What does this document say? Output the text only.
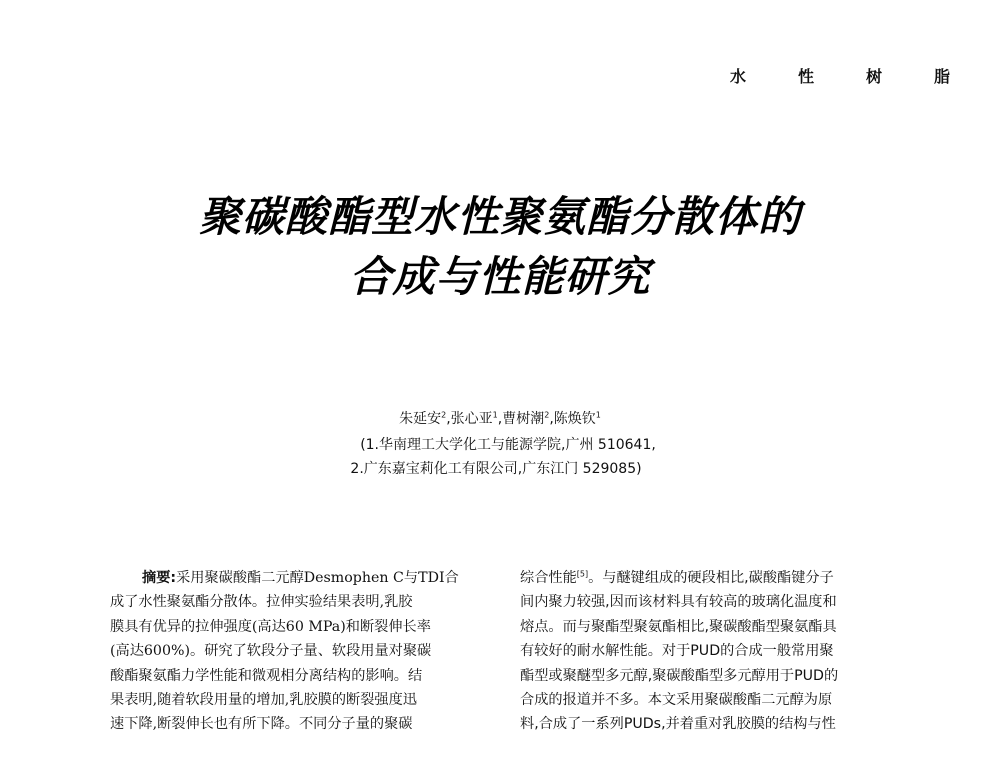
水	性	树	脂
聚碳酸酯型水性聚氨酯分散体的
合成与性能研究
朱延安$^2$,张心亚$^1$,曹树潮$^2$,陈焕钦$^1$
(1.华南理工大学化工与能源学院,广州 510641,
2.广东嘉宝莉化工有限公司,广东江门 529085)
摘要:采用聚碳酸酯二元醇Desmophen C与TDI合
成了水性聚氨酯分散体。拉伸实验结果表明,乳胶
膜具有优异的拉伸强度(高达60 MPa)和断裂伸长率
(高达600%)。研究了软段分子量、软段用量对聚碳
酸酯聚氨酯力学性能和微观相分离结构的影响。结
果表明,随着软段用量的增加,乳胶膜的断裂强度迅
速下降,断裂伸长也有所下降。不同分子量的聚碳
综合性能[5]。与醚键组成的硬段相比,碳酸酯键分子
间内聚力较强,因而该材料具有较高的玻璃化温度和
熔点。而与聚酯型聚氨酯相比,聚碳酸酯型聚氨酯具
有较好的耐水解性能。对于PUD的合成一般常用聚
酯型或聚醚型多元醇,聚碳酸酯型多元醇用于PUD的
合成的报道并不多。本文采用聚碳酸酯二元醇为原
料,合成了一系列PUDs,并着重对乳胶膜的结构与性
